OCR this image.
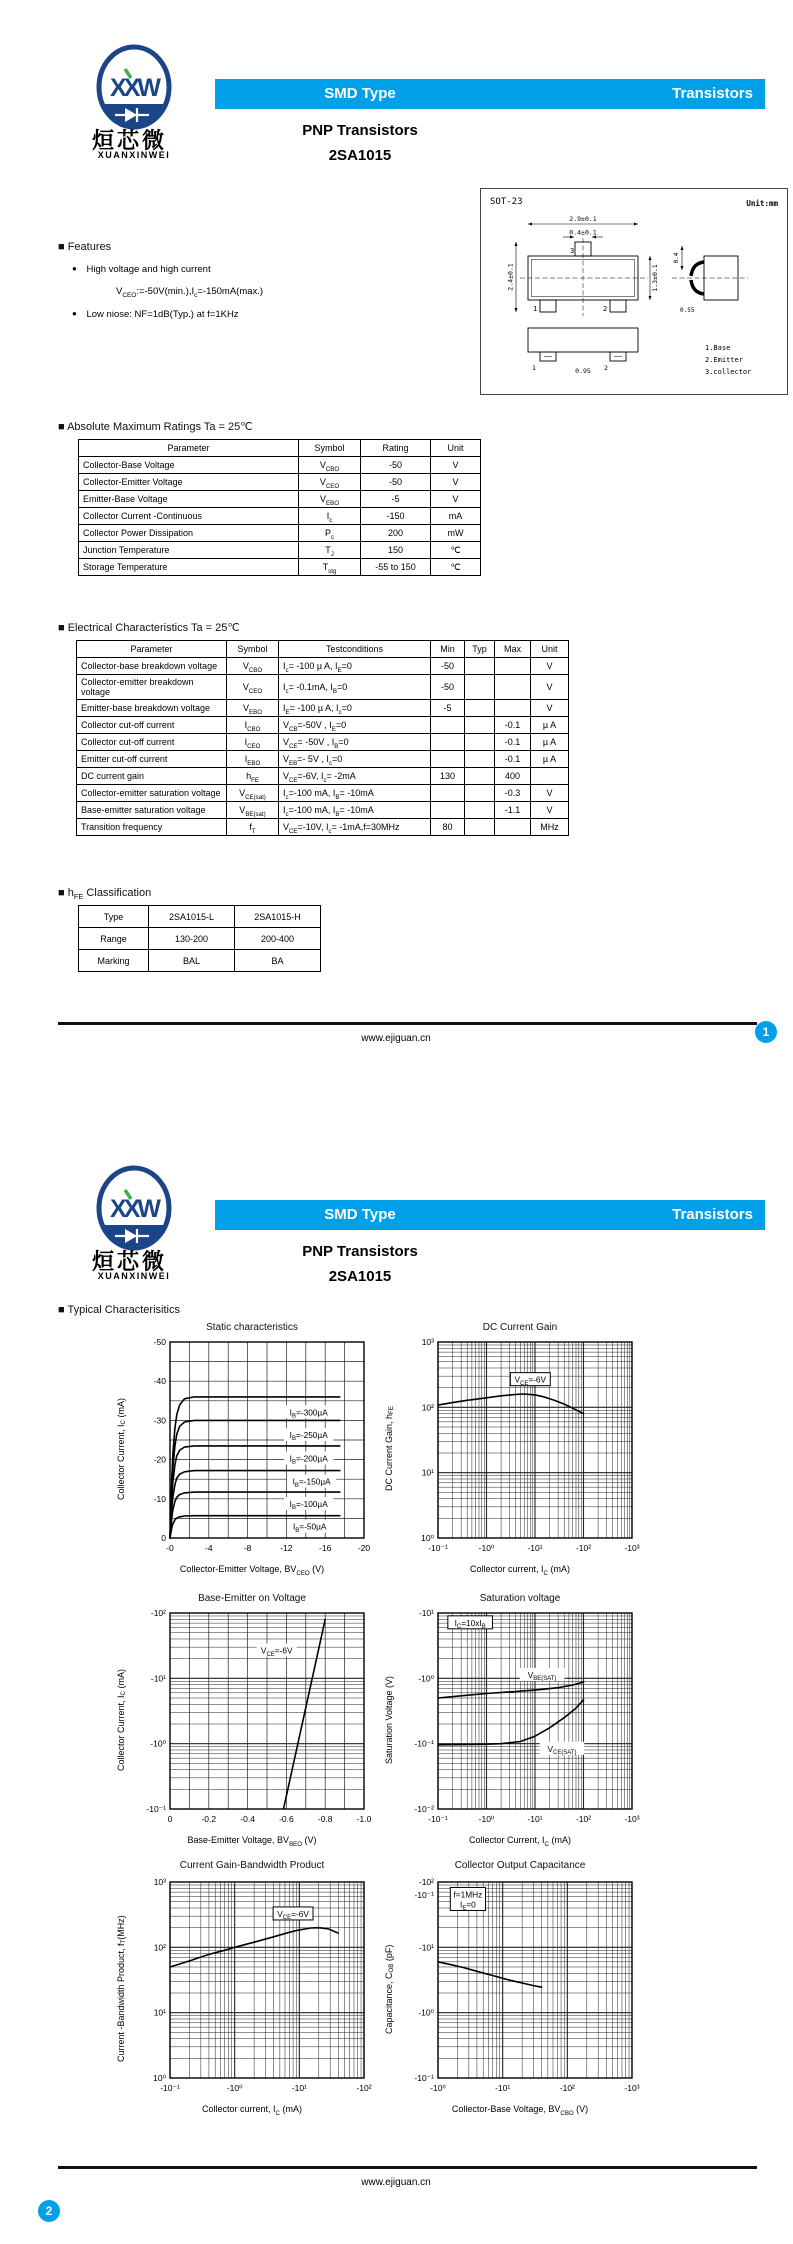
XXW
烜芯微
XUANXINWEI
SMD Type	Transistors
PNP Transistors
2SA1015
SOT-23	Unit:mm
2.9±0.1
0.4±0.1
2.4±0.1	1.3±0.1
3
1	2
0.4
0.55
1	2
0.95
1.Base
2.Emitter
3.collector
■ Features
● High voltage and high current
$V_{CEO}:=-50V(\min.),I_c=-150mA(\max.)$
● Low niose: NF=1dB(Typ.) at f=1KHz
■ Absolute Maximum Ratings Ta = 25℃
Parameter	Symbol	Rating	Unit
Collector-Base Voltage	$V_{CBO}$	-50	V
Collector-Emitter Voltage	$V_{CEO}$	-50	V
Emitter-Base Voltage	$V_{EBO}$	-5	V
Collector Current -Continuous	$I_c$	-150	mA
Collector Power Dissipation	$P_c$	200	mW
Junction Temperature	$T_J$	150	℃
Storage Temperature	$T_{stg}$	-55 to 150	℃
■ Electrical Characteristics Ta = 25℃
Parameter	Symbol	Testconditions	Min	Typ	Max	Unit
Collector-base breakdown voltage	$V_{CBO}$	$I_c= -100$ µ A, $I_E=0$	-50			V
Collector-emitter breakdown voltage	$V_{CEO}$	$I_c= -0.1mA$, $I_B=0$	-50			V
Emitter-base breakdown voltage	$V_{EBO}$	$I_E= -100$ µ A, $I_c=0$	-5			V
Collector cut-off current	$I_{CBO}$	$V_{CB}=-50V$ , $I_E=0$			-0.1	µ A
Collector cut-off current	$I_{CEO}$	$V_{CE}= -50V$ , $I_B=0$			-0.1	µ A
Emitter cut-off current	$I_{EBO}$	$V_{EB}=-$ 5V , $I_c=0$			-0.1	µ A
DC current gain	$h_{FE}$	$V_{CE}=-6V$, $I_c= -2mA$	130		400	
Collector-emitter saturation voltage	$V_{CE(sat)}$	$I_c=-100$ mA, $I_B= -10mA$			-0.3	V
Base-emitter saturation voltage	$V_{BE(sat)}$	$I_c=-100$ mA, $I_B= -10mA$			-1.1	V
Transition frequency	$f_T$	$V_{CE}=-10V$, $I_c= -1mA,f=30MHz$	80			MHz
■ $h_{FE}$ Classification
Type	2SA1015-L	2SA1015-H
Range	130-200	200-400
Marking	BAL	BA
www.ejiguan.cn	1
XXW
烜芯微
XUANXINWEI
SMD Type	Transistors
PNP Transistors
2SA1015
■ Typical Characterisitics
Static characteristics
Collector Current, $I_C$ (mA)
-0	-4	-8	-12	-16	-20
0
-10
-20
-30
-40
-50
$I_B=-300\mu A$
$I_B=-250\mu A$
$I_B=-200\mu A$
$I_B=-150\mu A$
$I_B=-100\mu A$
$I_B=-50\mu A$
Collector-Emitter Voltage, $BV_{CEO}$ (V)
DC Current Gain
DC Current Gain, $h_{FE}$
-10⁻¹	-10⁰	-10¹	-10²	-10³
10⁰
10¹
10²
10³
$V_{CE}=-6V$
Collector current, $I_C$ (mA)
Base-Emitter on Voltage
Collector Current, $I_C$ (mA)
0	-0.2	-0.4	-0.6	-0.8	-1.0
-10⁻¹
-10⁰
-10¹
-10²
$V_{CE}=-6V$
Base-Emitter Voltage, $BV_{BEO}$ (V)
Saturation voltage
Saturation Voltage (V)
-10⁻¹	-10⁰	-10¹	-10²	-10³
-10⁻²
-10⁻¹
-10⁰
-10¹
$I_C=10xI_B$
$V_{BE(SAT)}$
$V_{CE(SAT)}$
Collector Current, $I_C$ (mA)
Current Gain-Bandwidth Product
Current -Bandwidth Product, $f_T(MHz)$
-10⁻¹	-10⁰	-10¹	-10²
10⁰
10¹
10²
10³
$V_{CE}=-6V$
Collector current, $I_C$ (mA)
Collector Output Capacitance
Capacitance, $C_{OB}$ (pF)
-10⁰	-10¹	-10²	-10³
-10²
-10⁻¹
-10¹
-10⁰
-10⁻¹
f=1MHz
$I_E=0$
Collector-Base Voltage, $BV_{CBO}$ (V)
www.ejiguan.cn
2
